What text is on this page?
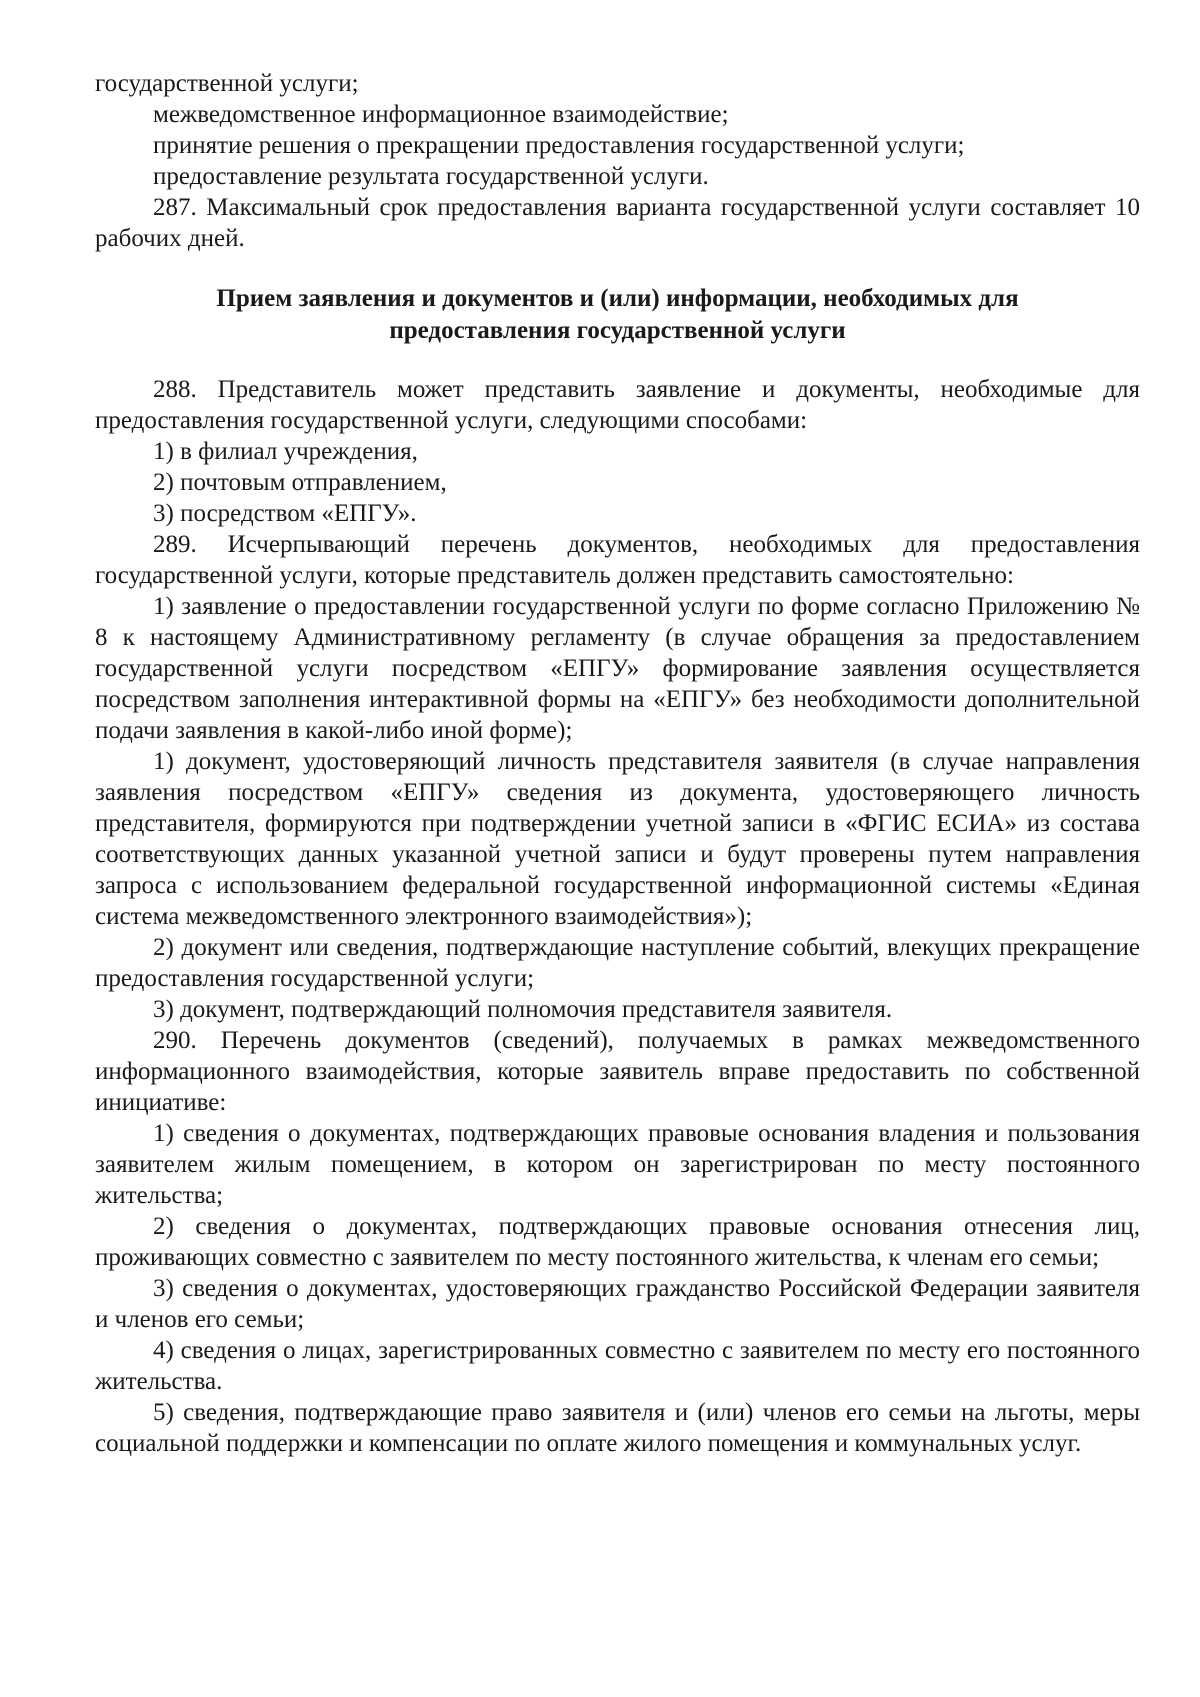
государственной услуги;

межведомственное информационное взаимодействие;

принятие решения о прекращении предоставления государственной услуги;

предоставление результата государственной услуги.

287. Максимальный срок предоставления варианта государственной услуги составляет 10 рабочих дней.

Прием заявления и документов и (или) информации, необходимых для
предоставления государственной услуги

288. Представитель может представить заявление и документы, необходимые для предоставления государственной услуги, следующими способами:

1) в филиал учреждения,

2) почтовым отправлением,

3) посредством «ЕПГУ».

289. Исчерпывающий перечень документов, необходимых для предоставления государственной услуги, которые представитель должен представить самостоятельно:

1) заявление о предоставлении государственной услуги по форме согласно Приложению № 8 к настоящему Административному регламенту (в случае обращения за предоставлением государственной услуги посредством «ЕПГУ» формирование заявления осуществляется посредством заполнения интерактивной формы на «ЕПГУ» без необходимости дополнительной подачи заявления в какой-либо иной форме);

1) документ, удостоверяющий личность представителя заявителя (в случае направления заявления посредством «ЕПГУ» сведения из документа, удостоверяющего личность представителя, формируются при подтверждении учетной записи в «ФГИС ЕСИА» из состава соответствующих данных указанной учетной записи и будут проверены путем направления запроса с использованием федеральной государственной информационной системы «Единая система межведомственного электронного взаимодействия»);

2) документ или сведения, подтверждающие наступление событий, влекущих прекращение предоставления государственной услуги;

3) документ, подтверждающий полномочия представителя заявителя.

290. Перечень документов (сведений), получаемых в рамках межведомственного информационного взаимодействия, которые заявитель вправе предоставить по собственной инициативе:

1) сведения о документах, подтверждающих правовые основания владения и пользования заявителем жилым помещением, в котором он зарегистрирован по месту постоянного жительства;

2) сведения о документах, подтверждающих правовые основания отнесения лиц, проживающих совместно с заявителем по месту постоянного жительства, к членам его семьи;

3) сведения о документах, удостоверяющих гражданство Российской Федерации заявителя и членов его семьи;

4) сведения о лицах, зарегистрированных совместно с заявителем по месту его постоянного жительства.

5) сведения, подтверждающие право заявителя и (или) членов его семьи на льготы, меры социальной поддержки и компенсации по оплате жилого помещения и коммунальных услуг.
